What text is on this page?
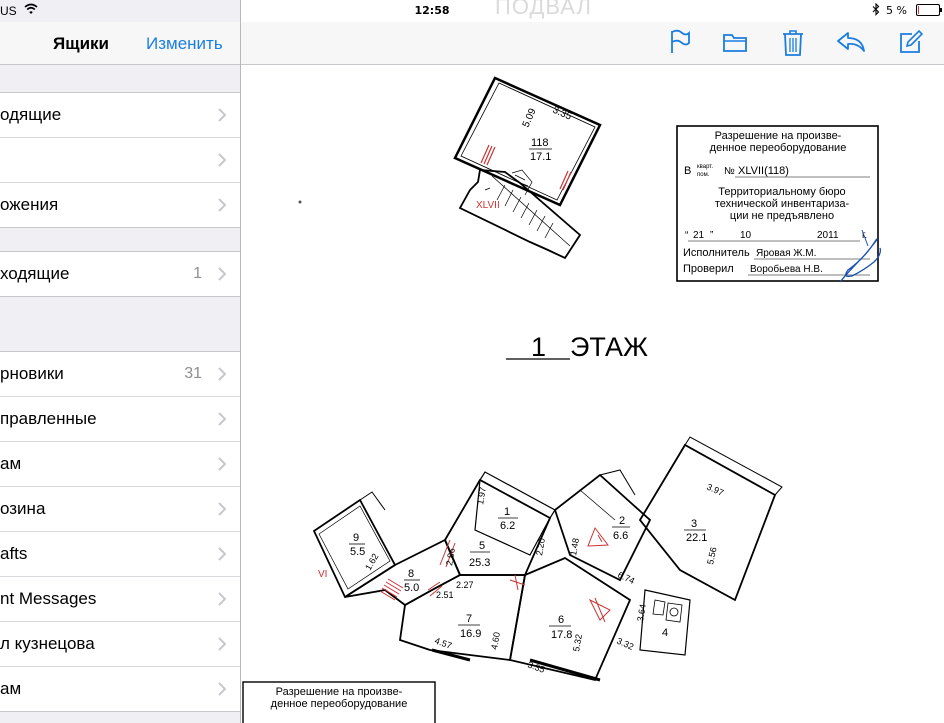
US	12:58	5 %
Ящики	Изменить
одящие
ожения
ходящие	1
рновики	31
правленные
ам
озина
afts
nt Messages
л кузнецова
ам
ПОДВАЛ
3.35
5.09
118
17.1
XLVII
Разрешение на произве-
денное переоборудование
В кварт.
пом. № XLVII(118)
Территориальному бюро
технической инвентариза-
ции не предъявлено
“ 21 ”	10	2011 г.
Исполнитель Яровая Ж.М.
Проверил Воробьева Н.В.
1 ЭТАЖ
9
5.5
8
5.0
5
25.3
1
6.2	2
6.6
3
22.1
4
6
17.8
7
16.9
1.97
2.86
2.20 1.48
3.97
5.56
6.74
1.62
2.27
2.51
3.64
3.32
4.57	4.60
3.35
5.32
VI
Разрешение на произве-
денное переоборудование
